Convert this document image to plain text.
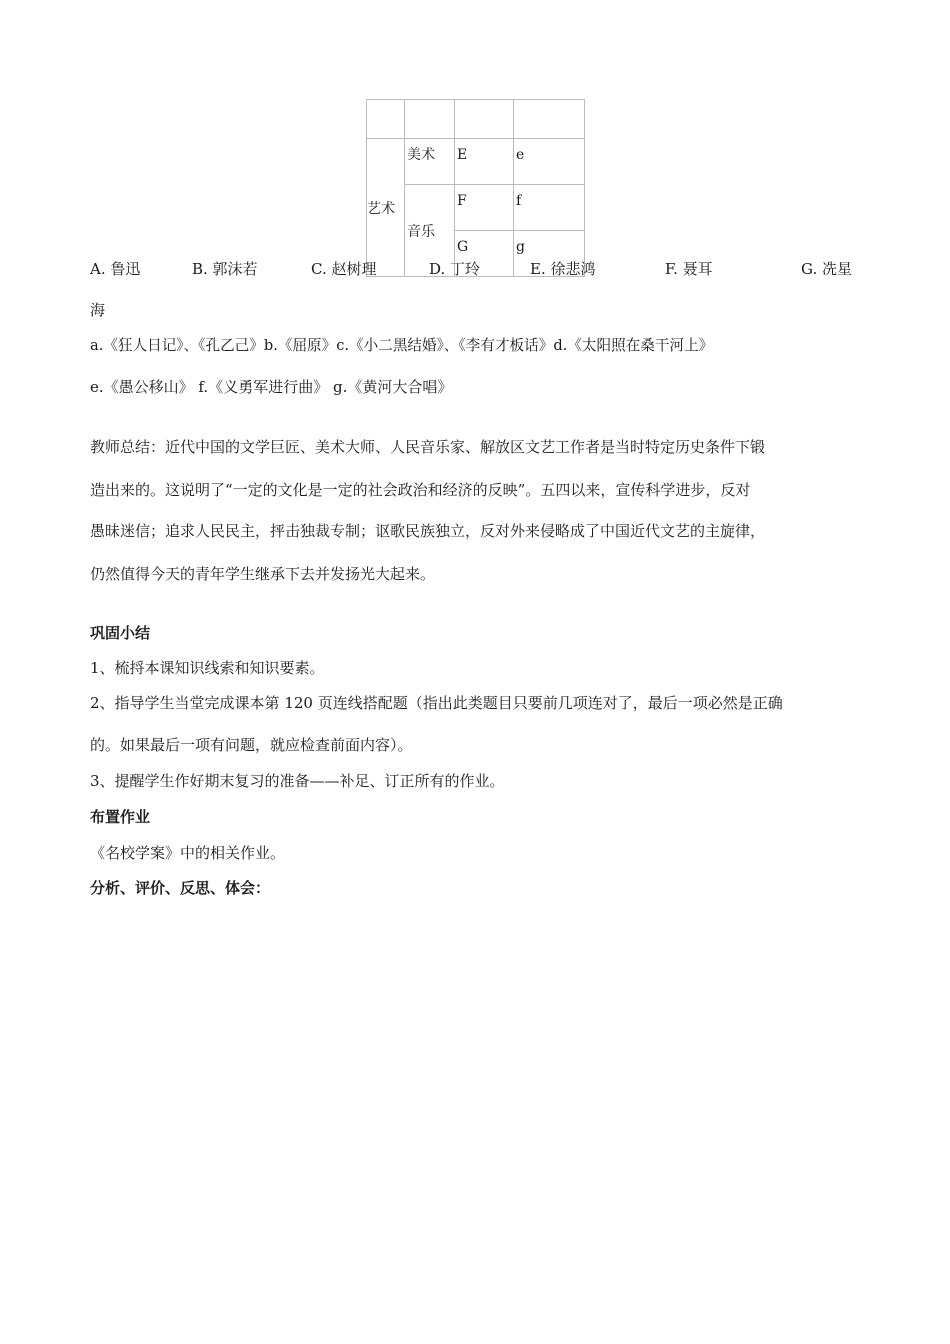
艺术	美术	E	e
	音乐	F	f
		G	g
A. 鲁迅	B. 郭沫若	C. 赵树理	D. 丁玲	E. 徐悲鸿	F. 聂耳	G. 冼星
海
a.《狂人日记》、《孔乙己》b.《屈原》c.《小二黑结婚》、《李有才板话》d.《太阳照在桑干河上》
e.《愚公移山》 f.《义勇军进行曲》 g.《黄河大合唱》
教师总结：近代中国的文学巨匠、美术大师、人民音乐家、解放区文艺工作者是当时特定历史条件下锻
造出来的。这说明了“一定的文化是一定的社会政治和经济的反映”。五四以来，宣传科学进步，反对
愚昧迷信；追求人民民主，抨击独裁专制；讴歌民族独立，反对外来侵略成了中国近代文艺的主旋律，
仍然值得今天的青年学生继承下去并发扬光大起来。
巩固小结
1、梳捋本课知识线索和知识要素。
2、指导学生当堂完成课本第 120 页连线搭配题（指出此类题目只要前几项连对了，最后一项必然是正确
的。如果最后一项有问题，就应检查前面内容）。
3、提醒学生作好期末复习的准备——补足、订正所有的作业。
布置作业
《名校学案》中的相关作业。
分析、评价、反思、体会：
